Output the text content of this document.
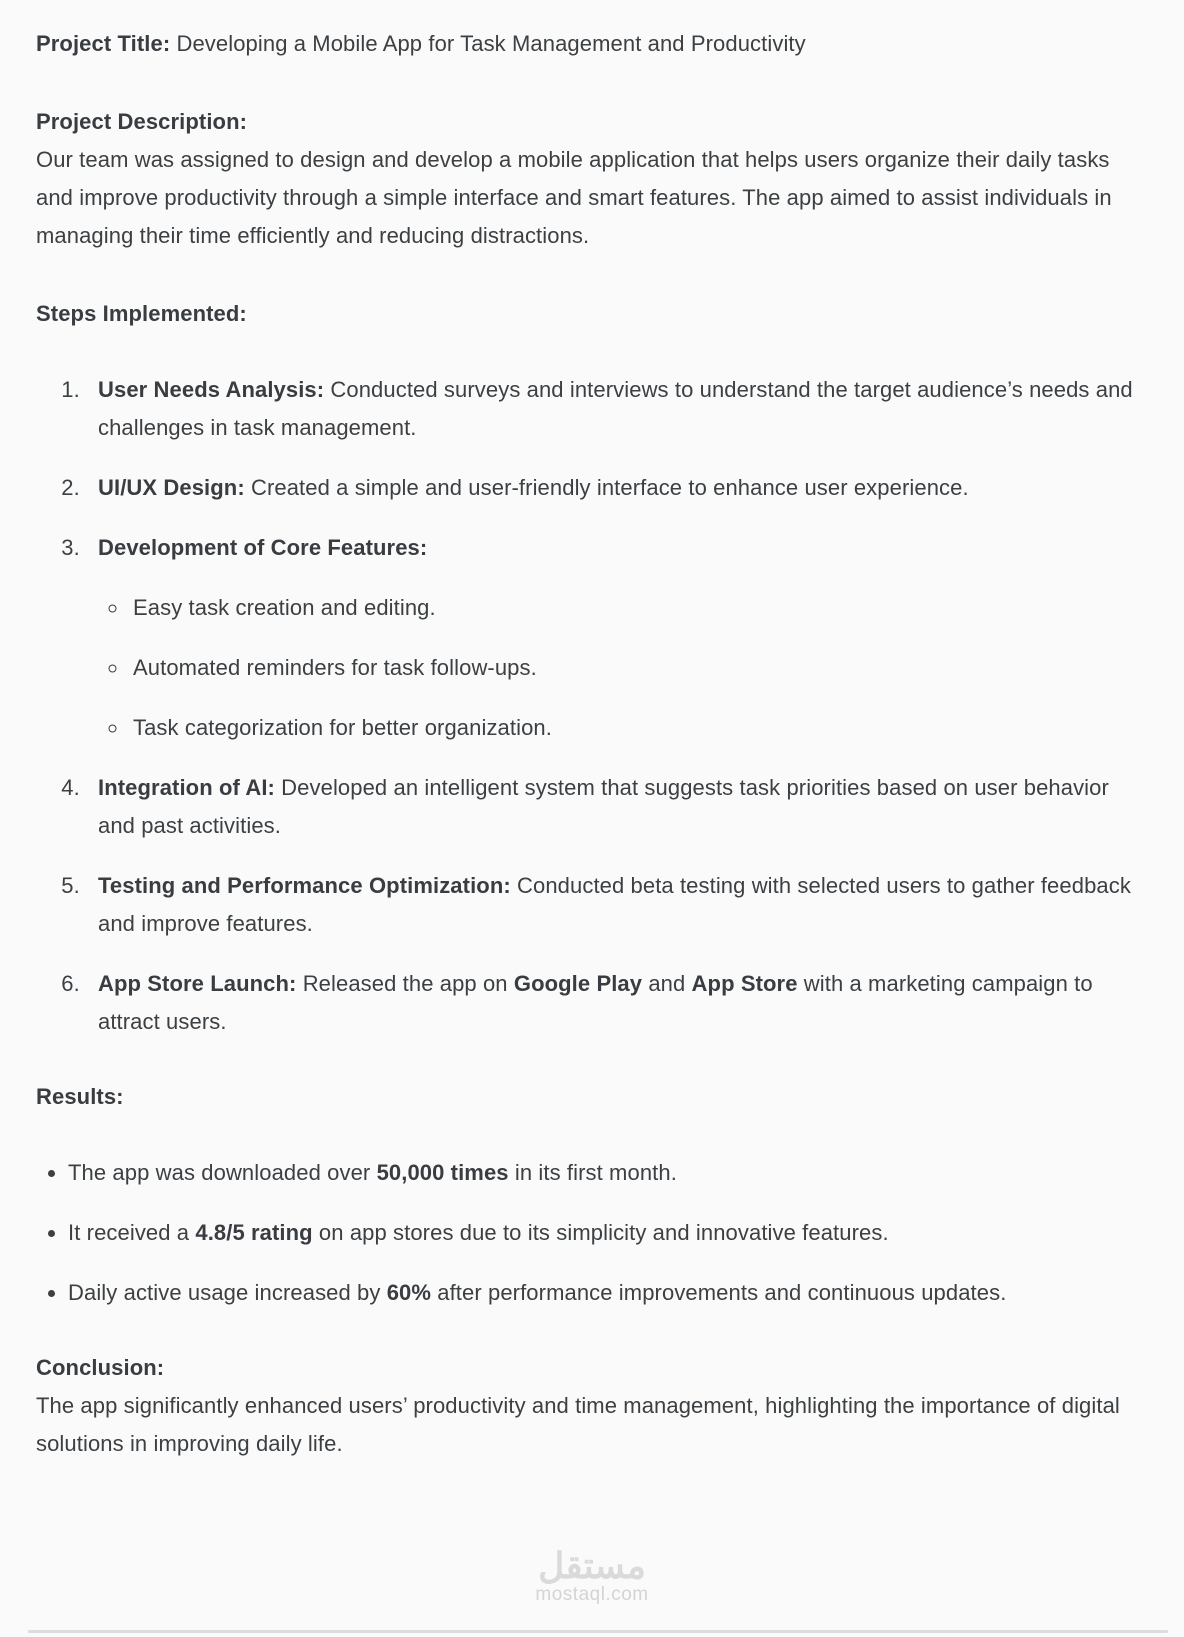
Project Title: Developing a Mobile App for Task Management and Productivity

Project Description:
Our team was assigned to design and develop a mobile application that helps users organize their daily tasks and improve productivity through a simple interface and smart features. The app aimed to assist individuals in managing their time efficiently and reducing distractions.

Steps Implemented:

1. User Needs Analysis: Conducted surveys and interviews to understand the target audience’s needs and challenges in task management.
2. UI/UX Design: Created a simple and user-friendly interface to enhance user experience.
3. Development of Core Features:
◦ Easy task creation and editing.
◦ Automated reminders for task follow-ups.
◦ Task categorization for better organization.
4. Integration of AI: Developed an intelligent system that suggests task priorities based on user behavior and past activities.
5. Testing and Performance Optimization: Conducted beta testing with selected users to gather feedback and improve features.
6. App Store Launch: Released the app on Google Play and App Store with a marketing campaign to attract users.

Results:

• The app was downloaded over 50,000 times in its first month.
• It received a 4.8/5 rating on app stores due to its simplicity and innovative features.
• Daily active usage increased by 60% after performance improvements and continuous updates.

Conclusion:
The app significantly enhanced users’ productivity and time management, highlighting the importance of digital solutions in improving daily life.

مستقل
mostaql.com
